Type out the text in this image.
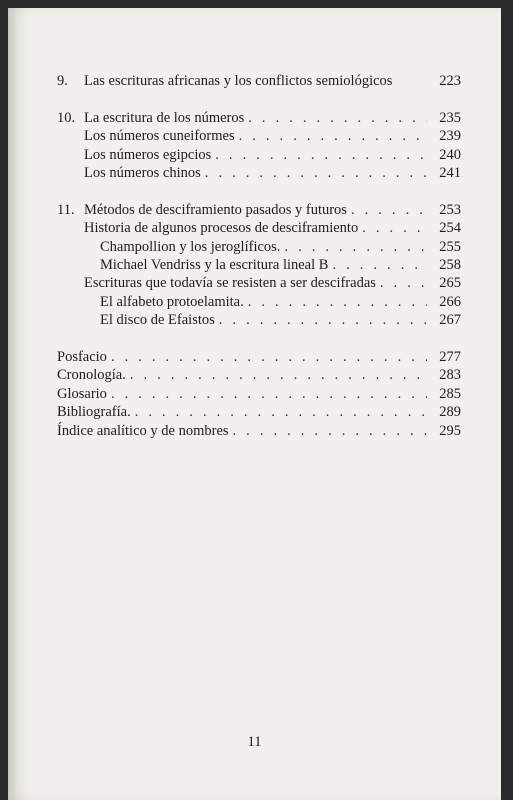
9.	Las escrituras africanas y los conflictos semiológicos	223
10. La escritura de los números . . .	235
Los números cuneiformes . . .	239
Los números egipcios . . .	240
Los números chinos . . .	241
11. Métodos de desciframiento pasados y futuros . . .	253
Historia de algunos procesos de desciframiento . . .	254
Champollion y los jeroglíficos. . . .	255
Michael Vendriss y la escritura lineal B . . .	258
Escrituras que todavía se resisten a ser descifradas . . .	265
El alfabeto protoelamita. . . .	266
El disco de Efaistos . . .	267
Posfacio . . .	277
Cronología. . . .	283
Glosario . . .	285
Bibliografía. . . .	289
Índice analítico y de nombres . . .	295
11
